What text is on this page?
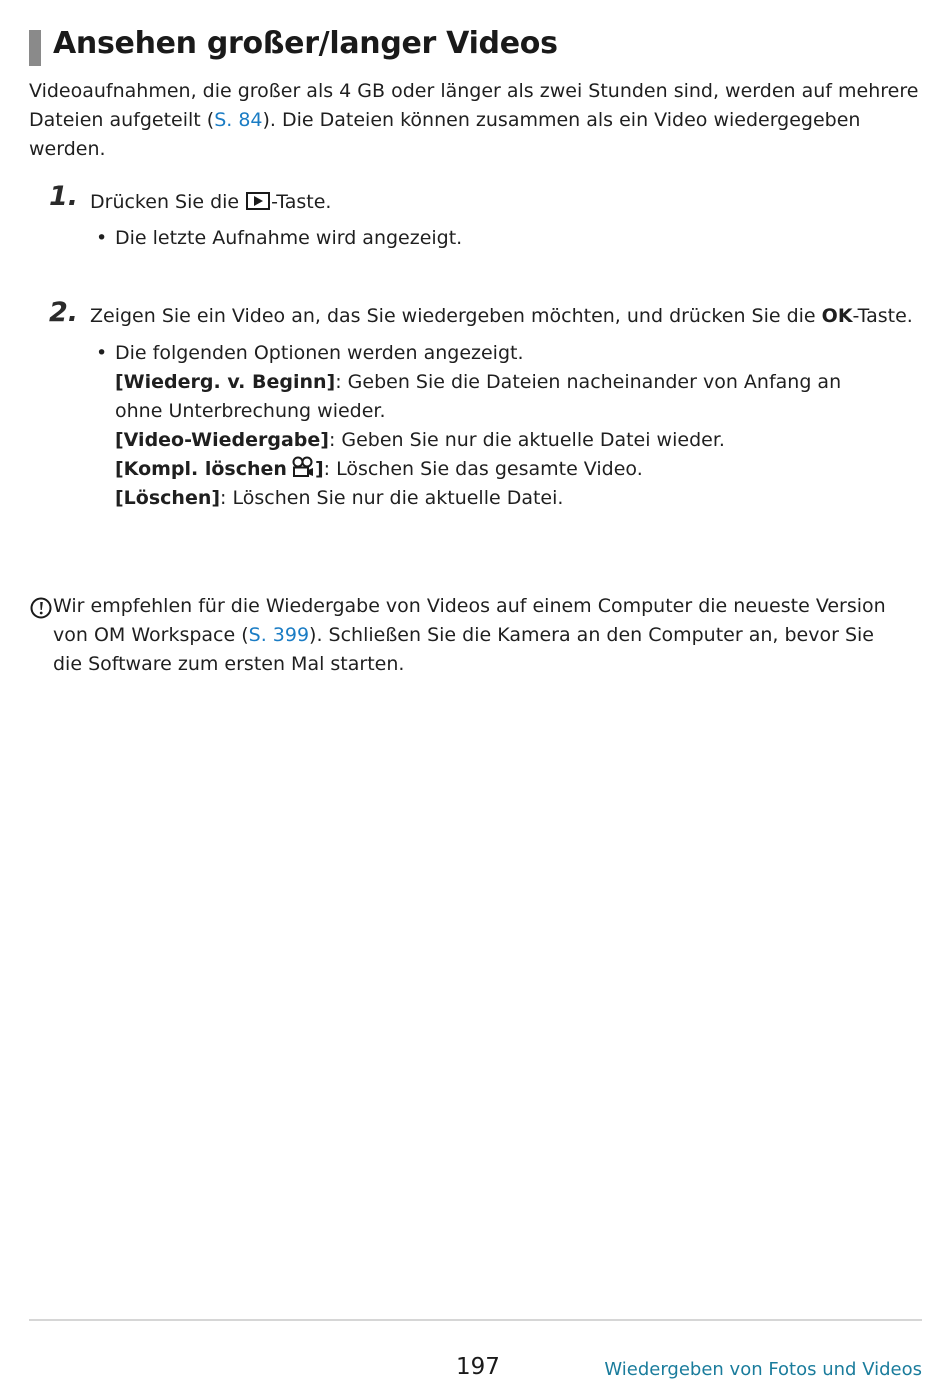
Ansehen großer/langer Videos

Videoaufnahmen, die großer als 4 GB oder länger als zwei Stunden sind, werden auf mehrere Dateien aufgeteilt (S. 84). Die Dateien können zusammen als ein Video wiedergegeben werden.

1. Drücken Sie die -Taste.
• Die letzte Aufnahme wird angezeigt.
2. Zeigen Sie ein Video an, das Sie wiedergeben möchten, und drücken Sie die OK-Taste.
• Die folgenden Optionen werden angezeigt.

[Wiederg. v. Beginn]: Geben Sie die Dateien nacheinander von Anfang an ohne Unterbrechung wieder.

[Video-Wiedergabe]: Geben Sie nur die aktuelle Datei wieder.

[Kompl. löschen ]: Löschen Sie das gesamte Video.

[Löschen]: Löschen Sie nur die aktuelle Datei.

Wir empfehlen für die Wiedergabe von Videos auf einem Computer die neueste Version von OM Workspace (S. 399). Schließen Sie die Kamera an den Computer an, bevor Sie die Software zum ersten Mal starten.

197	Wiedergeben von Fotos und Videos
